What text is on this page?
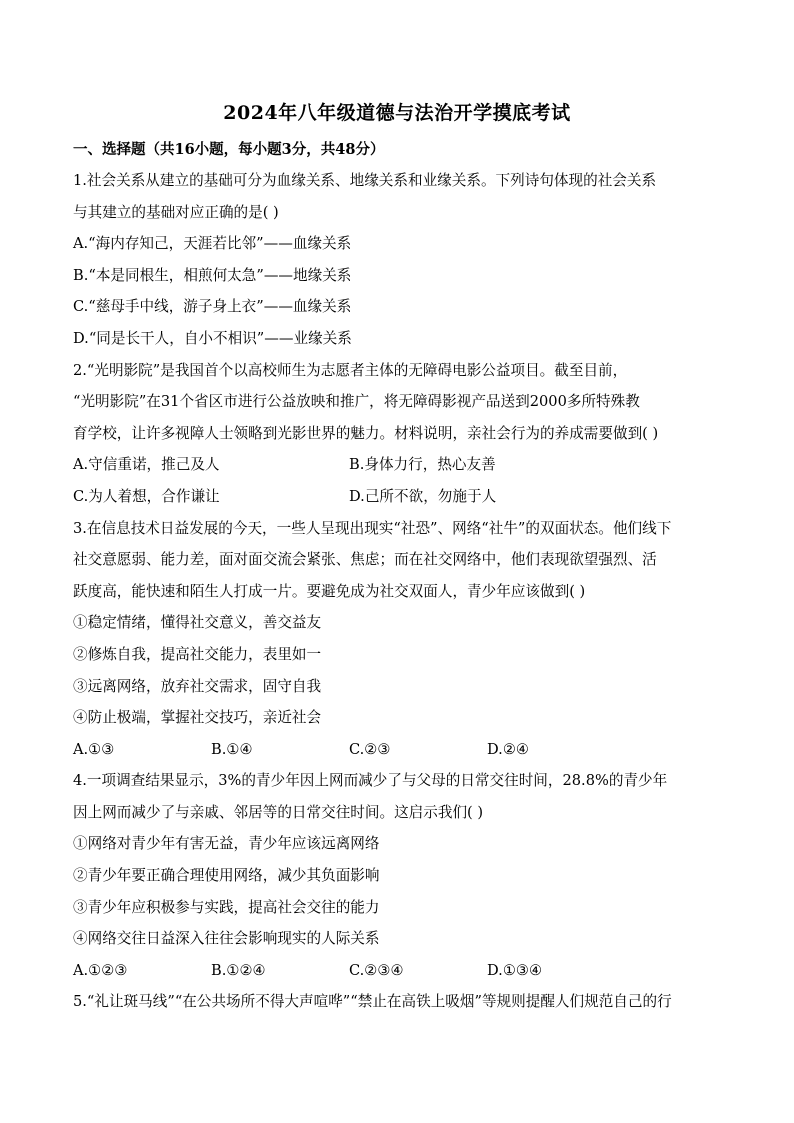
2024年八年级道德与法治开学摸底考试
一、选择题（共16小题，每小题3分，共48分）
1.社会关系从建立的基础可分为血缘关系、地缘关系和业缘关系。下列诗句体现的社会关系
与其建立的基础对应正确的是( )
A.“海内存知己，天涯若比邻”——血缘关系
B.“本是同根生，相煎何太急”——地缘关系
C.“慈母手中线，游子身上衣”——血缘关系
D.“同是长干人，自小不相识”——业缘关系
2.“光明影院”是我国首个以高校师生为志愿者主体的无障碍电影公益项目。截至目前，
“光明影院”在31个省区市进行公益放映和推广，将无障碍影视产品送到2000多所特殊教
育学校，让许多视障人士领略到光影世界的魅力。材料说明，亲社会行为的养成需要做到( )
A.守信重诺，推己及人	B.身体力行，热心友善
C.为人着想，合作谦让	D.己所不欲，勿施于人
3.在信息技术日益发展的今天，一些人呈现出现实“社恐”、网络“社牛”的双面状态。他们线下
社交意愿弱、能力差，面对面交流会紧张、焦虑；而在社交网络中，他们表现欲望强烈、活
跃度高，能快速和陌生人打成一片。要避免成为社交双面人，青少年应该做到( )
①稳定情绪，懂得社交意义，善交益友
②修炼自我，提高社交能力，表里如一
③远离网络，放弃社交需求，固守自我
④防止极端，掌握社交技巧，亲近社会
A.①③	B.①④	C.②③	D.②④
4.一项调查结果显示，3%的青少年因上网而减少了与父母的日常交往时间，28.8%的青少年
因上网而减少了与亲戚、邻居等的日常交往时间。这启示我们( )
①网络对青少年有害无益，青少年应该远离网络
②青少年要正确合理使用网络，减少其负面影响
③青少年应积极参与实践，提高社会交往的能力
④网络交往日益深入往往会影响现实的人际关系
A.①②③	B.①②④	C.②③④	D.①③④
5.“礼让斑马线”“在公共场所不得大声喧哗”“禁止在高铁上吸烟”等规则提醒人们规范自己的行
